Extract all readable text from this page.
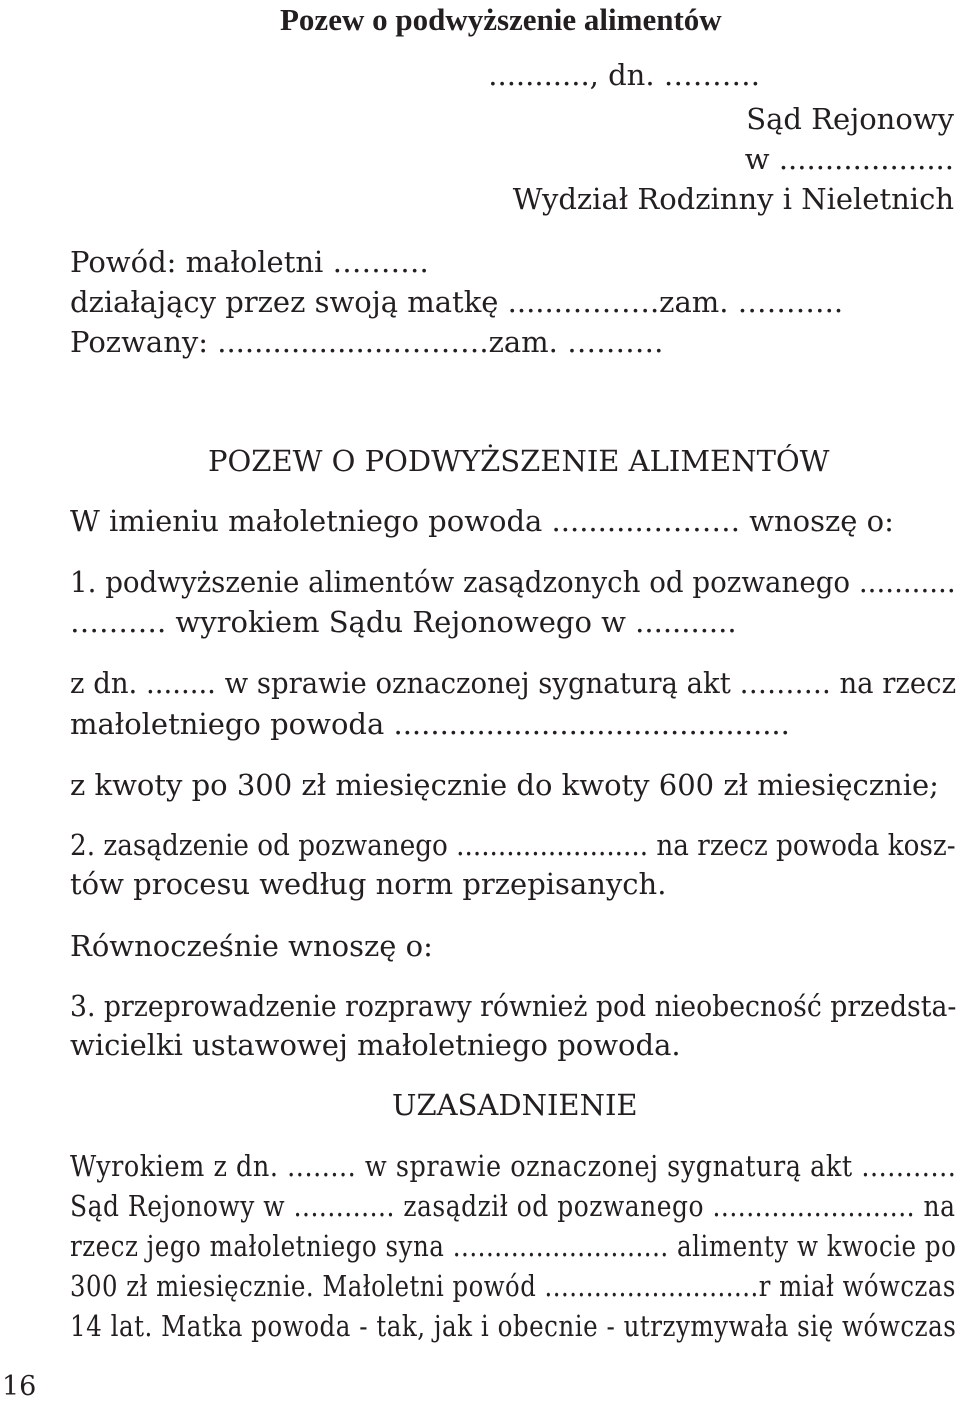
Pozew o podwyższenie alimentów

..........., dn. ……….

Sąd Rejonowy

w ...................

Wydział Rodzinny i Nieletnich

Powód: małoletni ……….

działający przez swoją matkę ......……….zam. ………..

Pozwany: ...................……….zam. ……….

POZEW O PODWYŻSZENIE ALIMENTÓW

W imieniu małoletniego powoda ..........………. wnoszę o:

1. podwyższenie alimentów zasądzonych od pozwanego ...........

………. wyrokiem Sądu Rejonowego w ...........

z dn. ........ w sprawie oznaczonej sygnaturą akt ………. na rzecz

małoletniego powoda ...........................................

z kwoty po 300 zł miesięcznie do kwoty 600 zł miesięcznie;

2. zasądzenie od pozwanego ....................... na rzecz powoda kosz-

tów procesu według norm przepisanych.

Równocześnie wnoszę o:

3. przeprowadzenie rozprawy również pod nieobecność przedsta-

wicielki ustawowej małoletniego powoda.

UZASADNIENIE

Wyrokiem z dn. ........ w sprawie oznaczonej sygnaturą akt ...........

Sąd Rejonowy w ............ zasądził od pozwanego ........................ na

rzecz jego małoletniego syna .......................... alimenty w kwocie po

300 zł miesięcznie. Małoletni powód ..........................r miał wówczas

14 lat. Matka powoda - tak, jak i obecnie - utrzymywała się wówczas

16
